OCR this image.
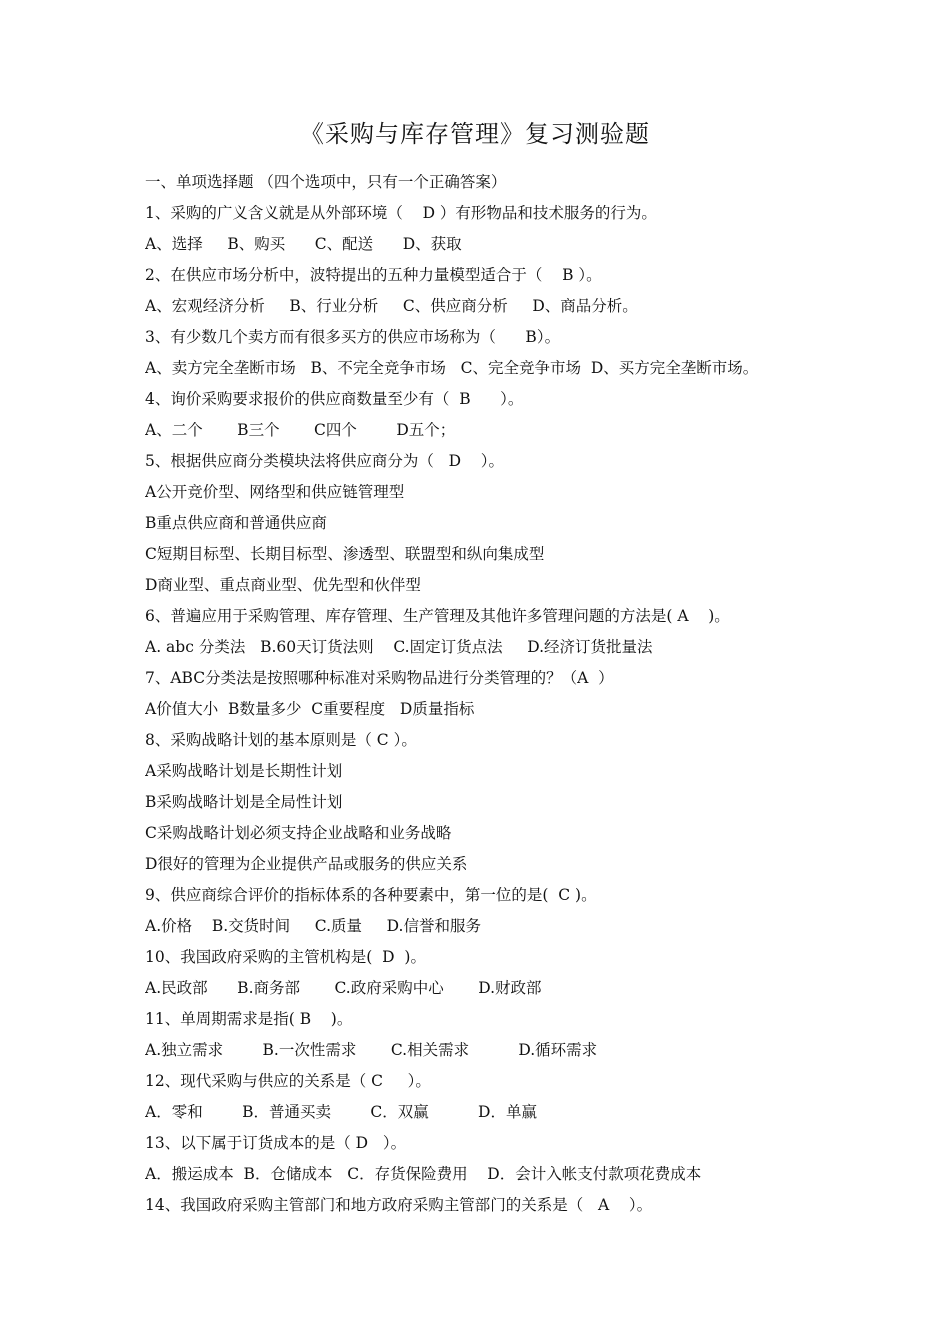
《采购与库存管理》复习测验题
一、单项选择题 （四个选项中，只有一个正确答案）
1、采购的广义含义就是从外部环境（    D ）有形物品和技术服务的行为。
A、选择     B、购买      C、配送      D、获取
2、在供应市场分析中，波特提出的五种力量模型适合于（    B ）。
A、宏观经济分析     B、行业分析     C、供应商分析     D、商品分析。
3、有少数几个卖方而有很多买方的供应市场称为（      B）。
A、卖方完全垄断市场   B、不完全竞争市场   C、完全竞争市场  D、买方完全垄断市场。
4、询价采购要求报价的供应商数量至少有（  B      ）。
A、二个       B三个       C四个        D五个；
5、根据供应商分类模块法将供应商分为（   D    ）。
A公开竞价型、网络型和供应链管理型
B重点供应商和普通供应商
C短期目标型、长期目标型、渗透型、联盟型和纵向集成型
D商业型、重点商业型、优先型和伙伴型
6、普遍应用于采购管理、库存管理、生产管理及其他许多管理问题的方法是( A    )。
A. abc 分类法   B.60天订货法则    C.固定订货点法     D.经济订货批量法
7、ABC分类法是按照哪种标准对采购物品进行分类管理的？（A  ）
A价值大小  B数量多少  C重要程度   D质量指标
8、采购战略计划的基本原则是（ C ）。
A采购战略计划是长期性计划
B采购战略计划是全局性计划
C采购战略计划必须支持企业战略和业务战略
D很好的管理为企业提供产品或服务的供应关系
9、供应商综合评价的指标体系的各种要素中，第一位的是(  C )。
A.价格    B.交货时间     C.质量     D.信誉和服务
10、我国政府采购的主管机构是(  D  )。
A.民政部      B.商务部       C.政府采购中心       D.财政部
11、单周期需求是指( B    )。
A.独立需求        B.一次性需求       C.相关需求          D.循环需求
12、现代采购与供应的关系是（ C     ）。
A．零和        B．普通买卖        C．双赢          D．单赢
13、以下属于订货成本的是（ D   ）。
A．搬运成本  B．仓储成本   C．存货保险费用    D．会计入帐支付款项花费成本
14、我国政府采购主管部门和地方政府采购主管部门的关系是（   A    ）。
